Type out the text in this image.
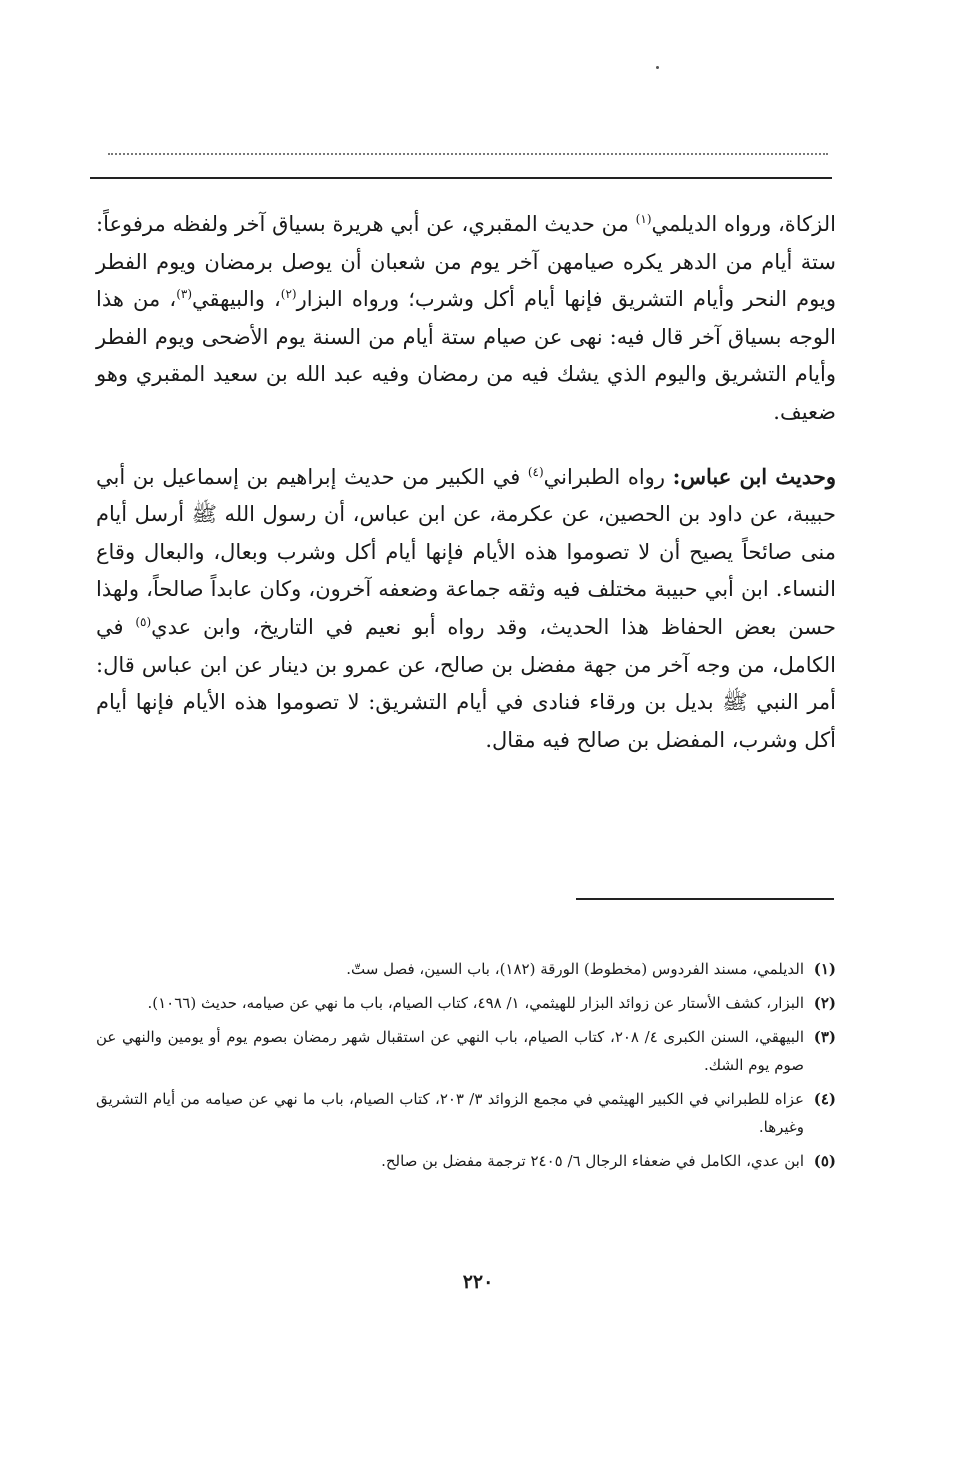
الزكاة، ورواه الديلمي$^{(١)}$ من حديث المقبري، عن أبي هريرة بسياق آخر ولفظه مرفوعاً: ستة أيام من الدهر يكره صيامهن آخر يوم من شعبان أن يوصل برمضان ويوم الفطر ويوم النحر وأيام التشريق فإنها أيام أكل وشرب؛ ورواه البزار$^{(٢)}$، والبيهقي$^{(٣)}$، من هذا الوجه بسياق آخر قال فيه: نهى عن صيام ستة أيام من السنة يوم الأضحى ويوم الفطر وأيام التشريق واليوم الذي يشك فيه من رمضان وفيه عبد الله بن سعيد المقبري وهو ضعيف.

وحديث ابن عباس: رواه الطبراني$^{(٤)}$ في الكبير من حديث إبراهيم بن إسماعيل بن أبي حبيبة، عن داود بن الحصين، عن عكرمة، عن ابن عباس، أن رسول الله ﷺ أرسل أيام منى صائحاً يصيح أن لا تصوموا هذه الأيام فإنها أيام أكل وشرب وبعال، والبعال وقاع النساء. ابن أبي حبيبة مختلف فيه وثقه جماعة وضعفه آخرون، وكان عابداً صالحاً، ولهذا حسن بعض الحفاظ هذا الحديث، وقد رواه أبو نعيم في التاريخ، وابن عدي$^{(٥)}$ في الكامل، من وجه آخر من جهة مفضل بن صالح، عن عمرو بن دينار عن ابن عباس قال: أمر النبي ﷺ بديل بن ورقاء فنادى في أيام التشريق: لا تصوموا هذه الأيام فإنها أيام أكل وشرب، المفضل بن صالح فيه مقال.

(١)
الديلمي، مسند الفردوس (مخطوط) الورقة (١٨٢)، باب السين، فصل ستّ.

(٢)
البزار، كشف الأستار عن زوائد البزار للهيثمي، ١/ ٤٩٨، كتاب الصيام، باب ما نهي عن صيامه، حديث (١٠٦٦).

(٣)
البيهقي، السنن الكبرى ٤/ ٢٠٨، كتاب الصيام، باب النهي عن استقبال شهر رمضان بصوم يوم أو يومين والنهي عن صوم يوم الشك.

(٤)
عزاه للطبراني في الكبير الهيثمي في مجمع الزوائد ٣/ ٢٠٣، كتاب الصيام، باب ما نهي عن صيامه من أيام التشريق وغيرها.

(٥)
ابن عدي، الكامل في ضعفاء الرجال ٦/ ٢٤٠٥ ترجمة مفضل بن صالح.

٢٢٠
